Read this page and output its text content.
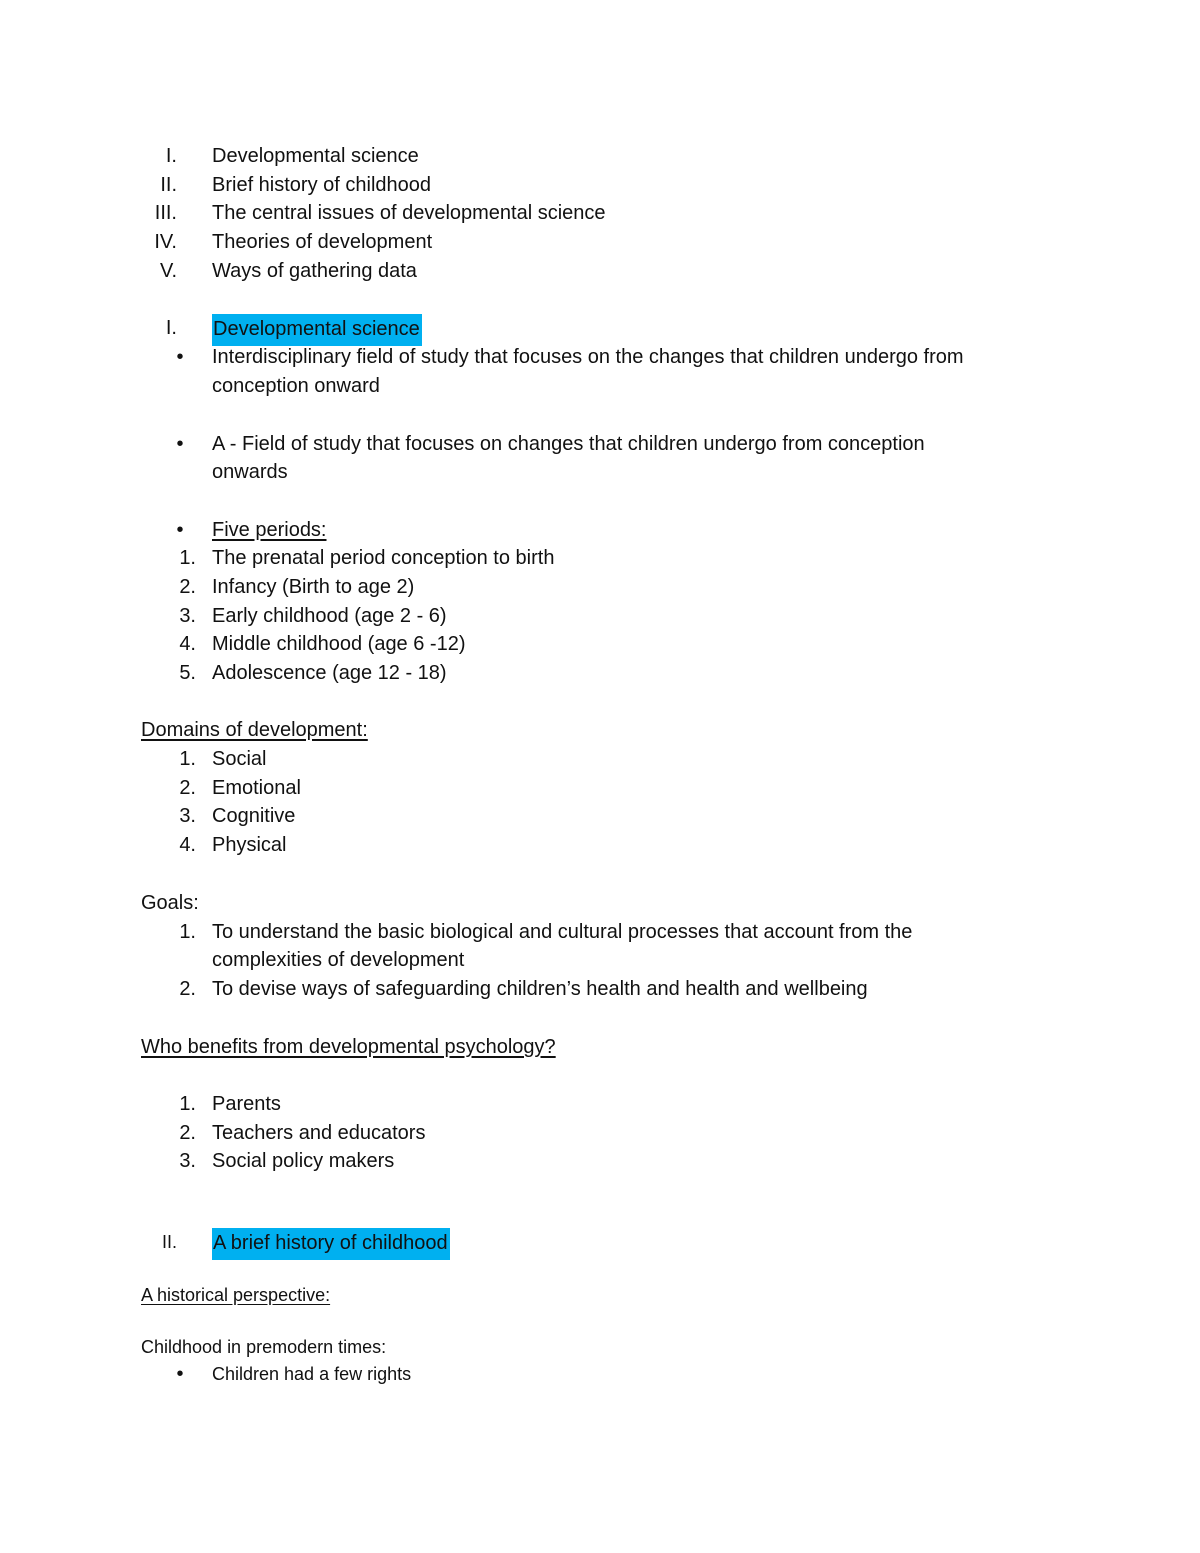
I. Developmental science
II. Brief history of childhood
III. The central issues of developmental science
IV. Theories of development
V. Ways of gathering data
I. Developmental science
•	Interdisciplinary field of study that focuses on the changes that children undergo from
conception onward
•	A - Field of study that focuses on changes that children undergo from conception
onwards
•	Five periods:
1. The prenatal period conception to birth
2. Infancy (Birth to age 2)
3. Early childhood (age 2 - 6)
4. Middle childhood (age 6 -12)
5. Adolescence (age 12 - 18)
Domains of development:
1. Social
2. Emotional
3. Cognitive
4. Physical
Goals:
1. To understand the basic biological and cultural processes that account from the
complexities of development
2. To devise ways of safeguarding children’s health and health and wellbeing
Who benefits from developmental psychology?
1. Parents
2. Teachers and educators
3. Social policy makers
II. A brief history of childhood
A historical perspective:
Childhood in premodern times:
•	Children had a few rights
